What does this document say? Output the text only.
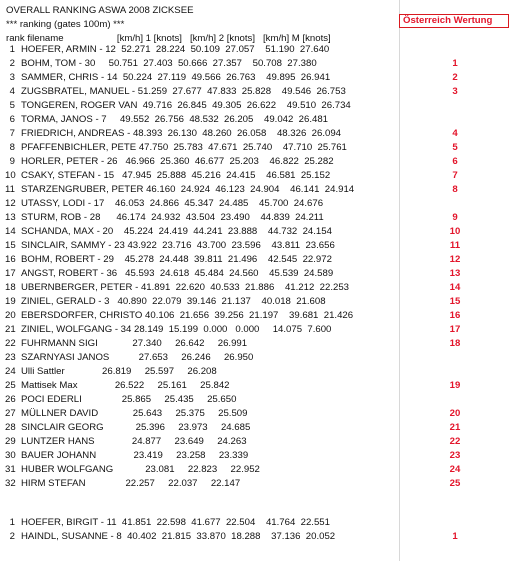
OVERALL RANKING ASWA 2008 ZICKSEE
*** ranking (gates 100m) ***
rank filename                    [km/h] 1 [knots]   [km/h] 2 [knots]   [km/h] M [knots]
1 HOEFER, ARMIN - 12  52.271  28.224  50.109  27.057    51.190  27.640
2 BOHM, TOM - 30     50.751  27.403  50.666  27.357    50.708  27.380
3 SAMMER, CHRIS - 14  50.224  27.119  49.566  26.763    49.895  26.941
4 ZUGSBRATEL, MANUEL - 51.259  27.677  47.833  25.828    49.546  26.753
5 TONGEREN, ROGER VAN  49.716  26.845  49.305  26.622    49.510  26.734
6 TORMA, JANOS - 7     49.552  26.756  48.532  26.205    49.042  26.481
7 FRIEDRICH, ANDREAS - 48.393  26.130  48.260  26.058    48.326  26.094
8 PFAFFENBICHLER, PETE 47.750  25.783  47.671  25.740    47.710  25.761
9 HORLER, PETER - 26   46.966  25.360  46.677  25.203    46.822  25.282
10 CSAKY, STEFAN - 15   47.945  25.888  45.216  24.415    46.581  25.152
11 STARZENGRUBER, PETER 46.160  24.924  46.123  24.904    46.141  24.914
12 UTASSY, LODI - 17    46.053  24.866  45.347  24.485    45.700  24.676
13 STURM, ROB - 28      46.174  24.932  43.504  23.490    44.839  24.211
14 SCHANDA, MAX - 20    45.224  24.419  44.241  23.888    44.732  24.154
15 SINCLAIR, SAMMY - 23 43.922  23.716  43.700  23.596    43.811  23.656
16 BOHM, ROBERT - 29    45.278  24.448  39.811  21.496    42.545  22.972
17 ANGST, ROBERT - 36   45.593  24.618  45.484  24.560    45.539  24.589
18 UBERNBERGER, PETER - 41.891  22.620  40.533  21.886    41.212  22.253
19 ZINIEL, GERALD - 3   40.890  22.079  39.146  21.137    40.018  21.608
20 EBERSDORFER, CHRISTO 40.106  21.656  39.256  21.197    39.681  21.426
21 ZINIEL, WOLFGANG - 34 28.149  15.199  0.000   0.000     14.075  7.600
22 FUHRMANN SIGI             27.340     26.642     26.991
23 SZARNYASI JANOS           27.653     26.246     26.950
24 Ulli Sattler              26.819     25.597     26.208
25 Mattisek Max              26.522     25.161     25.842
26 POCI EDERLI               25.865     25.435     25.650
27 MÜLLNER DAVID             25.643     25.375     25.509
28 SINCLAIR GEORG            25.396     23.973     24.685
29 LUNTZER HANS              24.877     23.649     24.263
30 BAUER JOHANN              23.419     23.258     23.339
31 HUBER WOLFGANG            23.081     22.823     22.952
32 HIRM STEFAN               22.257     22.037     22.147
1 HOEFER, BIRGIT - 11  41.851  22.598  41.677  22.504    41.764  22.551
2 HAINDL, SUSANNE - 8  40.402  21.815  33.870  18.288    37.136  20.052
Österreich Wertung
1
2
3
4
5
6
7
8
9
10
11
12
13
14
15
16
17
18
19
20
21
22
23
24
25
1
